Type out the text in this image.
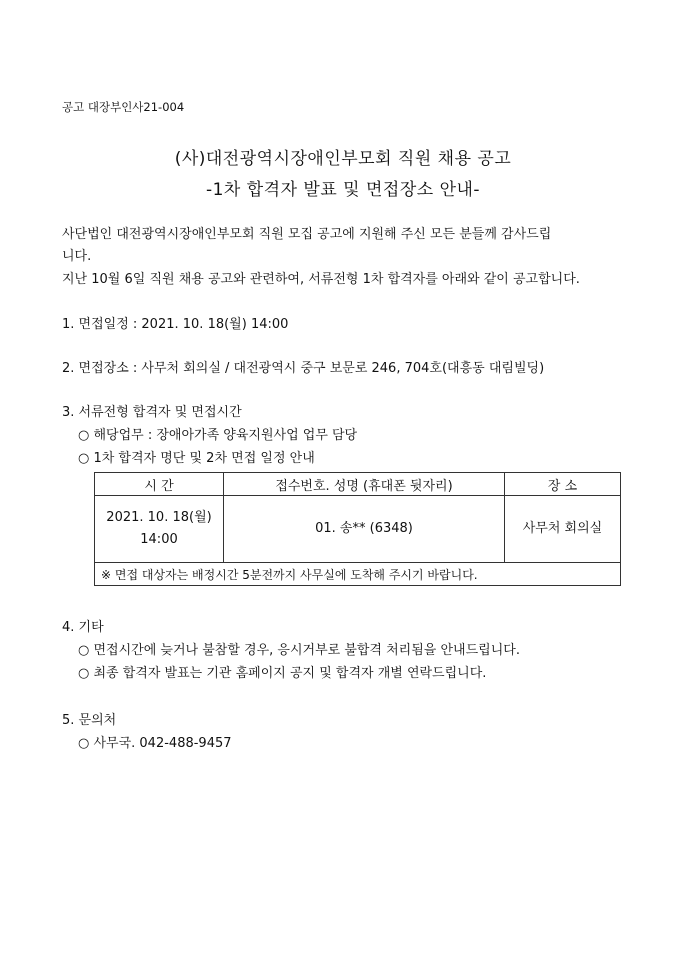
공고 대장부인사21-004
(사)대전광역시장애인부모회 직원 채용 공고
-1차 합격자 발표 및 면접장소 안내-
사단법인 대전광역시장애인부모회 직원 모집 공고에 지원해 주신 모든 분들께 감사드립
니다.
지난 10월 6일 직원 채용 공고와 관련하여, 서류전형 1차 합격자를 아래와 같이 공고합니다.
1. 면접일정 : 2021. 10. 18(월) 14:00
2. 면접장소 : 사무처 회의실 / 대전광역시 중구 보문로 246, 704호(대흥동 대림빌딩)
3. 서류전형 합격자 및 면접시간
○ 해당업무 : 장애아가족 양육지원사업 업무 담당
○ 1차 합격자 명단 및 2차 면접 일정 안내
시 간	접수번호. 성명 (휴대폰 뒷자리)	장 소

2021. 10. 18(월)
14:00	01. 송** (6348)	사무처 회의실
※ 면접 대상자는 배정시간 5분전까지 사무실에 도착해 주시기 바랍니다.		
4. 기타
○ 면접시간에 늦거나 불참할 경우, 응시거부로 불합격 처리됨을 안내드립니다.
○ 최종 합격자 발표는 기관 홈페이지 공지 및 합격자 개별 연락드립니다.
5. 문의처
○ 사무국. 042-488-9457
